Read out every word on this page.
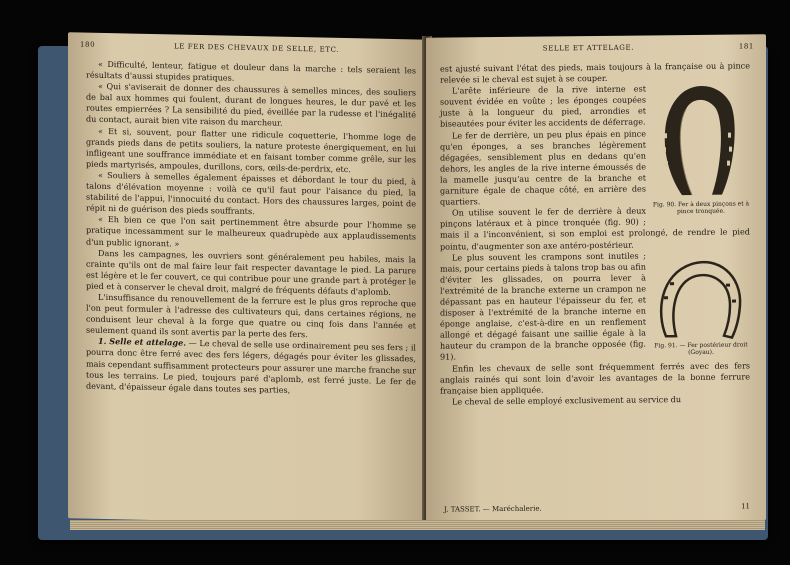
180	LE FER DES CHEVAUX DE SELLE, ETC.

« Difficulté, lenteur, fatigue et douleur dans la marche : tels seraient les résultats d'aussi stupides pratiques.

« Qui s'aviserait de donner des chaussures à semelles minces, des souliers de bal aux hommes qui foulent, durant de longues heures, le dur pavé et les routes empierrées ? La sensibilité du pied, éveillée par la rudesse et l'inégalité du contact, aurait bien vite raison du marcheur.

« Et si, souvent, pour flatter une ridicule coquetterie, l'homme loge de grands pieds dans de petits souliers, la nature proteste énergiquement, en lui infligeant une souffrance immédiate et en faisant tomber comme grêle, sur les pieds martyrisés, ampoules, durillons, cors, œils-de-perdrix, etc.

« Souliers à semelles également épaisses et débordant le tour du pied, à talons d'élévation moyenne : voilà ce qu'il faut pour l'aisance du pied, la stabilité de l'appui, l'innocuité du contact. Hors des chaussures larges, point de répit ni de guérison des pieds souffrants.

« Eh bien ce que l'on sait pertinemment être absurde pour l'homme se pratique incessamment sur le malheureux quadrupède aux applaudissements d'un public ignorant. »

Dans les campagnes, les ouvriers sont généralement peu habiles, mais la crainte qu'ils ont de mal faire leur fait respecter davantage le pied. La parure est légère et le fer couvert, ce qui contribue pour une grande part à protéger le pied et à conserver le cheval droit, malgré de fréquents défauts d'aplomb.

L'insuffisance du renouvellement de la ferrure est le plus gros reproche que l'on peut formuler à l'adresse des cultivateurs qui, dans certaines régions, ne conduisent leur cheval à la forge que quatre ou cinq fois dans l'année et seulement quand ils sont avertis par la perte des fers.

1. Selle et attelage. — Le cheval de selle use ordinairement peu ses fers ; il pourra donc être ferré avec des fers légers, dégagés pour éviter les glissades, mais cependant suffisamment protecteurs pour assurer une marche franche sur tous les terrains. Le pied, toujours paré d'aplomb, est ferré juste. Le fer de devant, d'épaisseur égale dans toutes ses parties,

SELLE ET ATTELAGE.	181

est ajusté suivant l'état des pieds, mais toujours à la française ou à pince relevée si le cheval est sujet à se couper.

Fig. 90. Fer à deux pinçons et à pince tronquée.

L'arête inférieure de la rive interne est souvent évidée en voûte ; les éponges coupées juste à la longueur du pied, arrondies et biseautées pour éviter les accidents de déferrage.

Le fer de derrière, un peu plus épais en pince qu'en éponges, a ses branches légèrement dégagées, sensiblement plus en dedans qu'en dehors, les angles de la rive interne émoussés de la mamelle jusqu'au centre de la branche et garniture égale de chaque côté, en arrière des quartiers.

On utilise souvent le fer de derrière à deux pinçons latéraux et à pince tronquée (fig. 90) ; mais il a l'inconvénient, si son emploi est prolongé, de rendre le pied pointu, d'augmenter son axe antéro-postérieur.

Fig. 91. — Fer postérieur droit (Goyau).

Le plus souvent les crampons sont inutiles ; mais, pour certains pieds à talons trop bas ou afin d'éviter les glissades, on pourra lever à l'extrémité de la branche externe un crampon ne dépassant pas en hauteur l'épaisseur du fer, et disposer à l'extrémité de la branche interne en éponge anglaise, c'est-à-dire en un renflement allongé et dégagé faisant une saillie égale à la hauteur du crampon de la branche opposée (fig. 91).

Enfin les chevaux de selle sont fréquemment ferrés avec des fers anglais rainés qui sont loin d'avoir les avantages de la bonne ferrure française bien appliquée.

Le cheval de selle employé exclusivement au service du

J. TASSET. — Maréchalerie.	11
